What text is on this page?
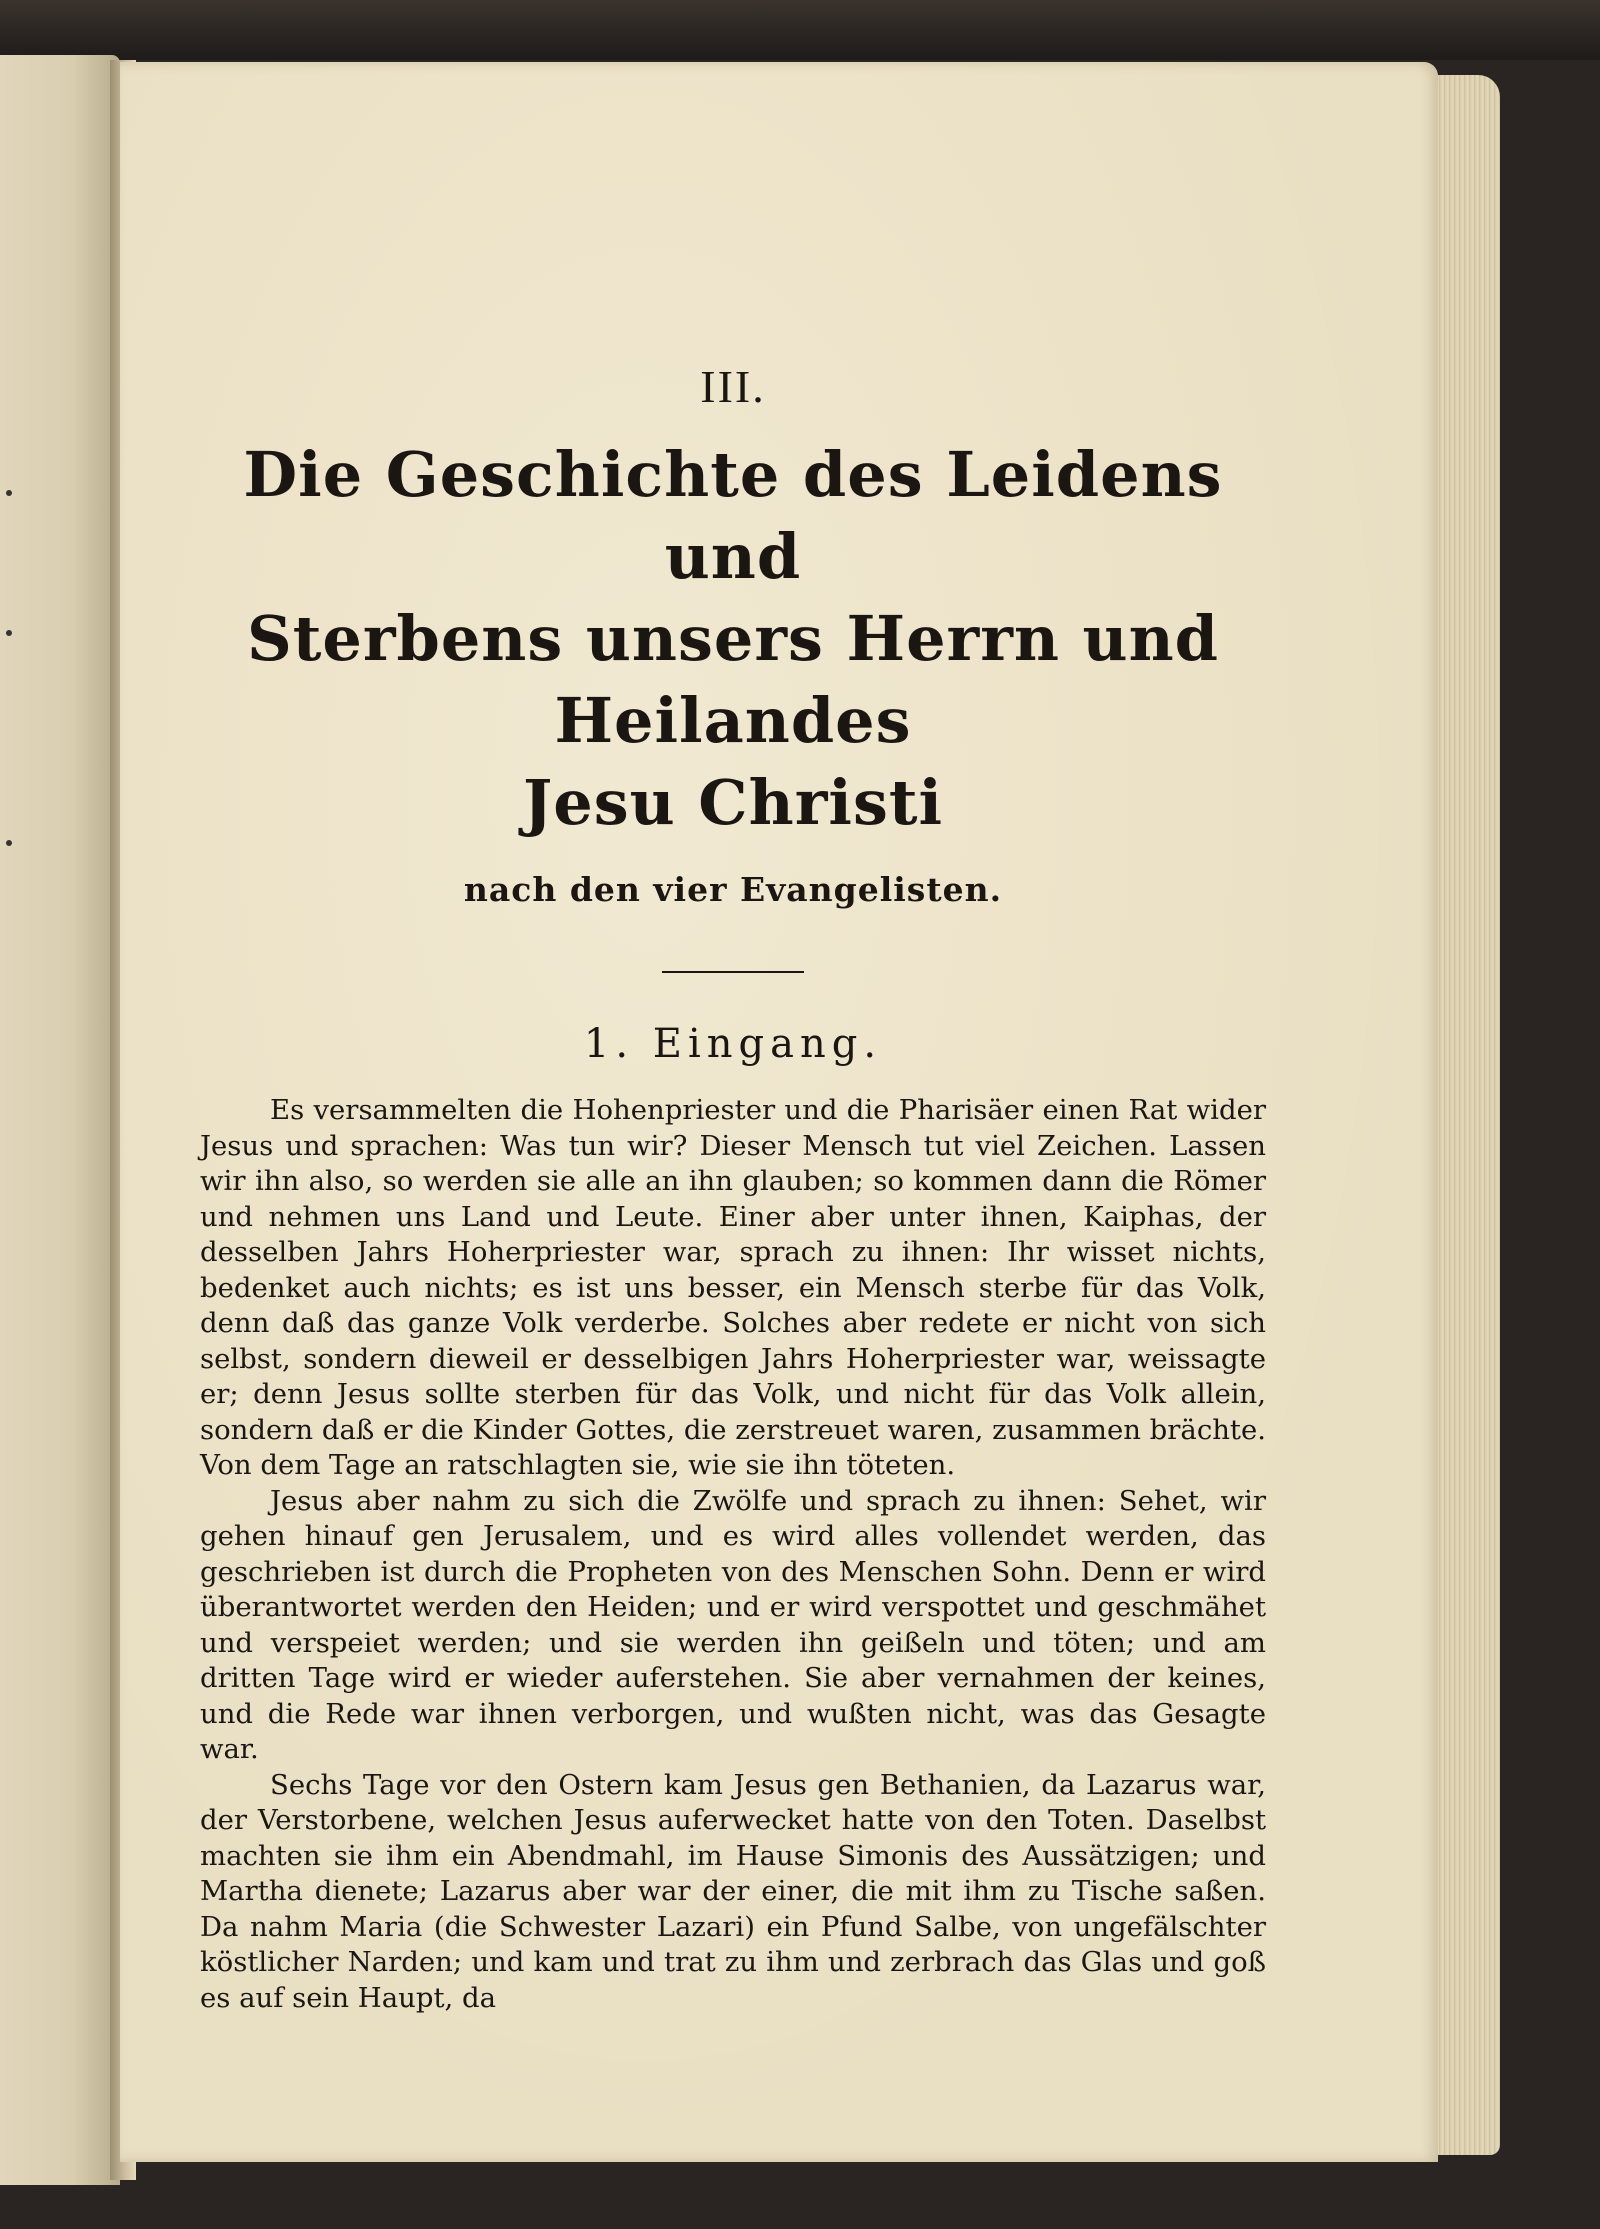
III.

Die Geschichte des Leidens und
Sterbens unsers Herrn und Heilandes
Jesu Christi

nach den vier Evangelisten.

1. Eingang.

Es versammelten die Hohenpriester und die Pharisäer einen Rat wider Jesus und sprachen: Was tun wir? Dieser Mensch tut viel Zeichen. Lassen wir ihn also, so werden sie alle an ihn glauben; so kommen dann die Römer und nehmen uns Land und Leute. Einer aber unter ihnen, Kaiphas, der desselben Jahrs Hoherpriester war, sprach zu ihnen: Ihr wisset nichts, bedenket auch nichts; es ist uns besser, ein Mensch sterbe für das Volk, denn daß das ganze Volk verderbe. Solches aber redete er nicht von sich selbst, sondern dieweil er desselbigen Jahrs Hoherpriester war, weissagte er; denn Jesus sollte sterben für das Volk, und nicht für das Volk allein, sondern daß er die Kinder Gottes, die zerstreuet waren, zusammen brächte. Von dem Tage an ratschlagten sie, wie sie ihn töteten.

Jesus aber nahm zu sich die Zwölfe und sprach zu ihnen: Sehet, wir gehen hinauf gen Jerusalem, und es wird alles vollendet werden, das geschrieben ist durch die Propheten von des Menschen Sohn. Denn er wird überantwortet werden den Heiden; und er wird verspottet und geschmähet und verspeiet werden; und sie werden ihn geißeln und töten; und am dritten Tage wird er wieder auferstehen. Sie aber vernahmen der keines, und die Rede war ihnen verborgen, und wußten nicht, was das Gesagte war.

Sechs Tage vor den Ostern kam Jesus gen Bethanien, da Lazarus war, der Verstorbene, welchen Jesus auferwecket hatte von den Toten. Daselbst machten sie ihm ein Abendmahl, im Hause Simonis des Aussätzigen; und Martha dienete; Lazarus aber war der einer, die mit ihm zu Tische saßen. Da nahm Maria (die Schwester Lazari) ein Pfund Salbe, von ungefälschter köstlicher Narden; und kam und trat zu ihm und zerbrach das Glas und goß es auf sein Haupt, da
